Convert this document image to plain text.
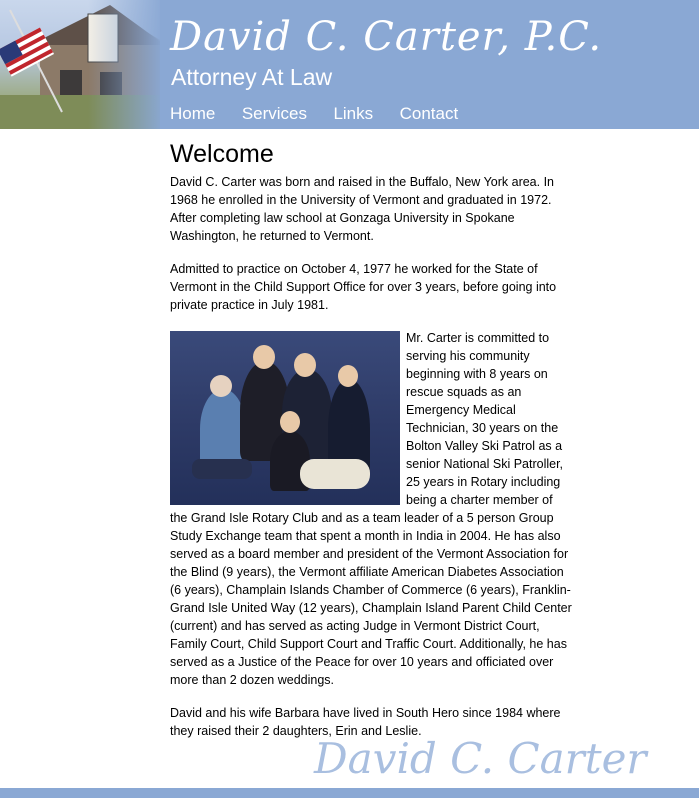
David C. Carter, P.C.
Attorney At Law
Home Services Links Contact
Welcome

David C. Carter was born and raised in the Buffalo, New York area. In 1968 he enrolled in the University of Vermont and graduated in 1972. After completing law school at Gonzaga University in Spokane Washington, he returned to Vermont.

Admitted to practice on October 4, 1977 he worked for the State of Vermont in the Child Support Office for over 3 years, before going into private practice in July 1981.

Mr. Carter is committed to serving his community beginning with 8 years on rescue squads as an Emergency Medical Technician, 30 years on the Bolton Valley Ski Patrol as a senior National Ski Patroller, 25 years in Rotary including being a charter member of the Grand Isle Rotary Club and as a team leader of a 5 person Group Study Exchange team that spent a month in India in 2004. He has also served as a board member and president of the Vermont Association for the Blind (9 years), the Vermont affiliate American Diabetes Association (6 years), Champlain Islands Chamber of Commerce (6 years), Franklin-Grand Isle United Way (12 years), Champlain Island Parent Child Center (current) and has served as acting Judge in Vermont District Court, Family Court, Child Support Court and Traffic Court. Additionally, he has served as a Justice of the Peace for over 10 years and officiated over more than 2 dozen weddings.

David and his wife Barbara have lived in South Hero since 1984 where they raised their 2 daughters, Erin and Leslie.

David C. Carter
